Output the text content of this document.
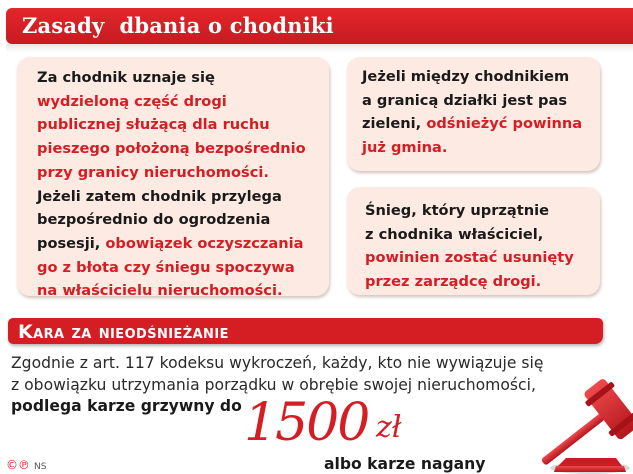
Zasady  dbania o chodniki

Za chodnik uznaje się
wydzieloną część drogi
publicznej służącą dla ruchu
pieszego położoną bezpośrednio
przy granicy nieruchomości.
Jeżeli zatem chodnik przylega
bezpośrednio do ogrodzenia
posesji, obowiązek oczyszczania
go z błota czy śniegu spoczywa
na właścicielu nieruchomości.

Jeżeli między chodnikiem
a granicą działki jest pas
zieleni, odśnieżyć powinna
już gmina.

Śnieg, który uprzątnie
z chodnika właściciel,
powinien zostać usunięty
przez zarządcę drogi.

Kara za nieodśnieżanie
Zgodnie z art. 117 kodeksu wykroczeń, każdy, kto nie wywiązuje się
z obowiązku utrzymania porządku w obrębie swojej nieruchomości,
podlega karze grzywny do 1500 zł
albo karze nagany
©℗ NS
